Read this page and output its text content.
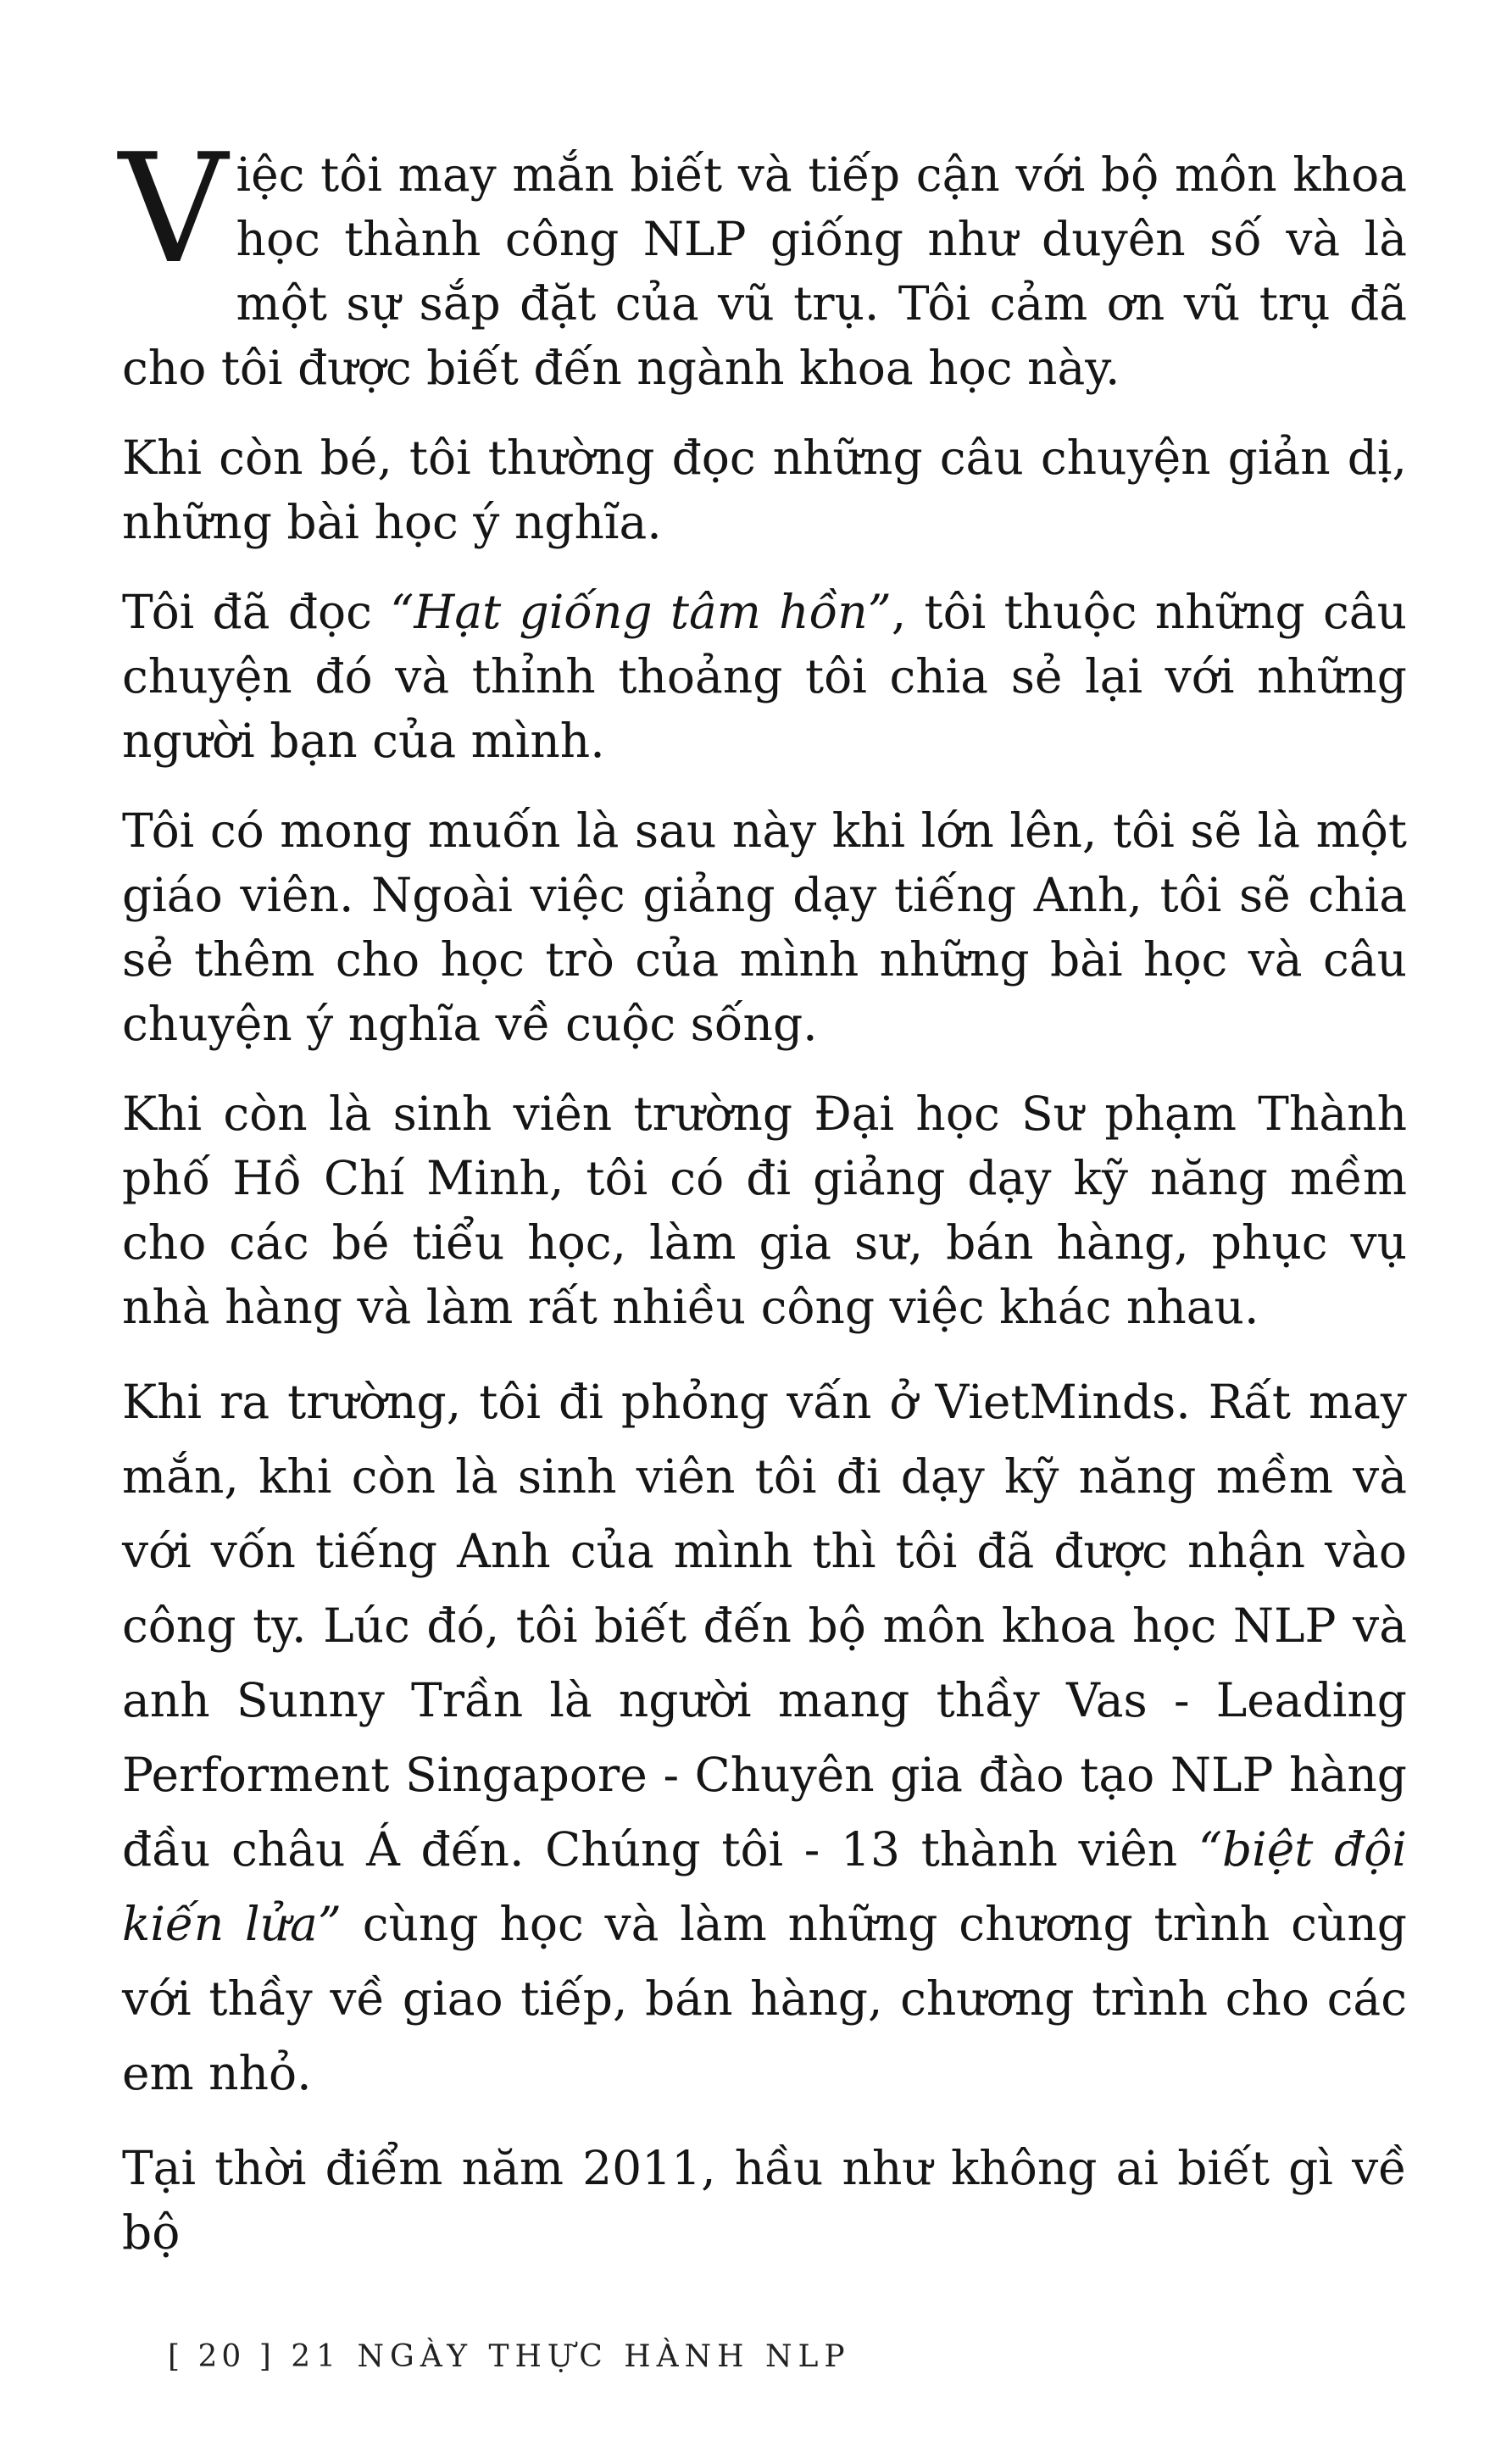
Việc tôi may mắn biết và tiếp cận với bộ môn khoa học thành công NLP giống như duyên số và là một sự sắp đặt của vũ trụ. Tôi cảm ơn vũ trụ đã cho tôi được biết đến ngành khoa học này.

Khi còn bé, tôi thường đọc những câu chuyện giản dị, những bài học ý nghĩa.

Tôi đã đọc “Hạt giống tâm hồn”, tôi thuộc những câu chuyện đó và thỉnh thoảng tôi chia sẻ lại với những người bạn của mình.

Tôi có mong muốn là sau này khi lớn lên, tôi sẽ là một giáo viên. Ngoài việc giảng dạy tiếng Anh, tôi sẽ chia sẻ thêm cho học trò của mình những bài học và câu chuyện ý nghĩa về cuộc sống.

Khi còn là sinh viên trường Đại học Sư phạm Thành phố Hồ Chí Minh, tôi có đi giảng dạy kỹ năng mềm cho các bé tiểu học, làm gia sư, bán hàng, phục vụ nhà hàng và làm rất nhiều công việc khác nhau.

Khi ra trường, tôi đi phỏng vấn ở VietMinds. Rất may mắn, khi còn là sinh viên tôi đi dạy kỹ năng mềm và với vốn tiếng Anh của mình thì tôi đã được nhận vào công ty. Lúc đó, tôi biết đến bộ môn khoa học NLP và anh Sunny Trần là người mang thầy Vas - Leading Performent Singapore - Chuyên gia đào tạo NLP hàng đầu châu Á đến. Chúng tôi - 13 thành viên “biệt đội kiến lửa” cùng học và làm những chương trình cùng với thầy về giao tiếp, bán hàng, chương trình cho các em nhỏ.

Tại thời điểm năm 2011, hầu như không ai biết gì về bộ

[ 20 ] 21 NGÀY THỰC HÀNH NLP
